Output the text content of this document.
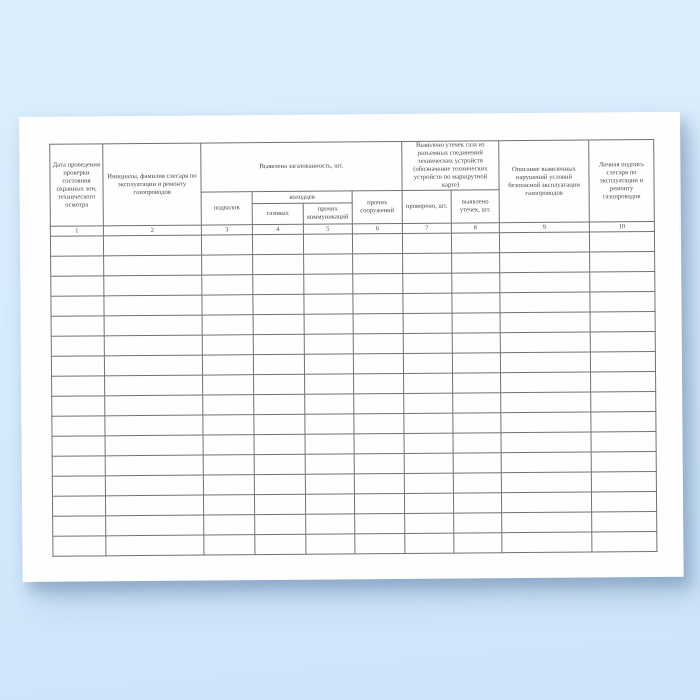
Дата проведения проверки состояния охранных зон, технического осмотра	Инициалы, фамилия слесаря по эксплуатации и ремонту газопроводов	Выявлена загазованность, шт.				Выявлено утечек газа из разъемных соединений технических устройств (обозначение технических устройств по маршрутной карте)		Описание выявленных нарушений условий безопасной эксплуатации газопроводов	Личная подпись слесаря по эксплуатации и ремонту газопроводов
		подвалов	колодцев		прочих сооружений	проверено, шт.	выявлено утечек, шт.		
			газовых	прочих коммуникаций					
1	2	3	4	5	6	7	8	9	10
